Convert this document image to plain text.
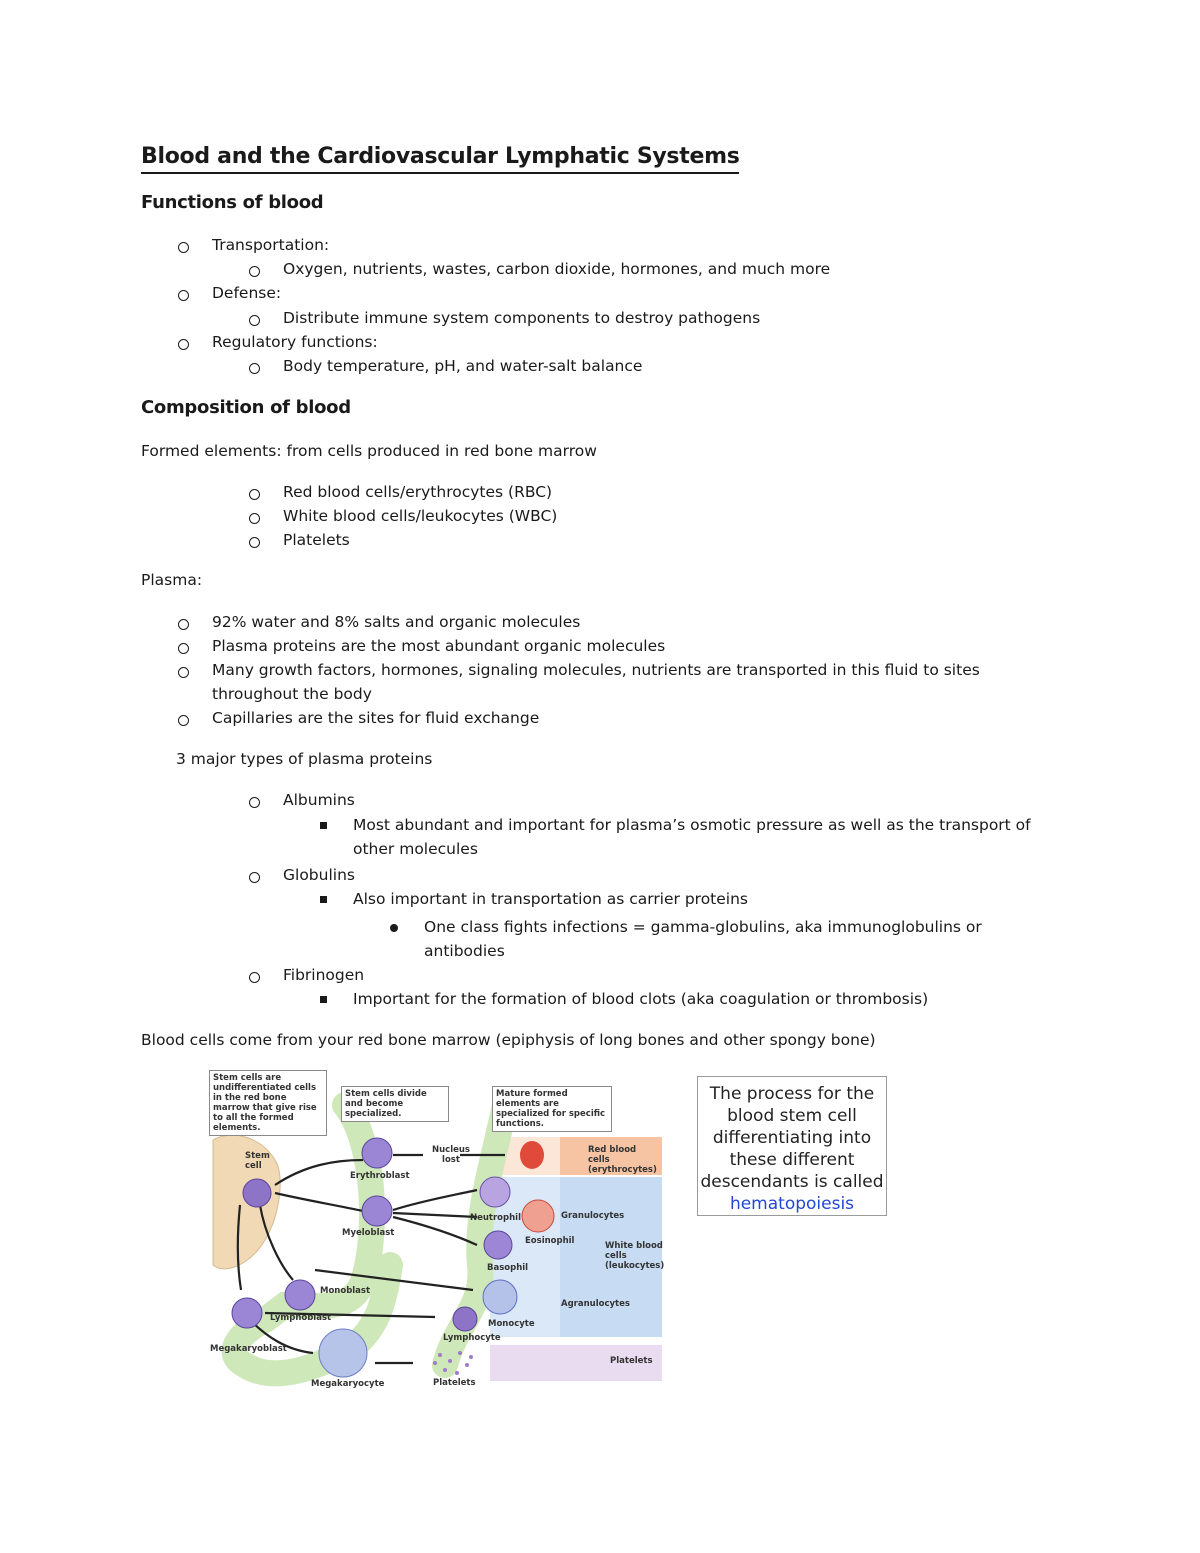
Blood and the Cardiovascular Lymphatic Systems
Functions of blood
Transportation:
Oxygen, nutrients, wastes, carbon dioxide, hormones, and much more
Defense:
Distribute immune system components to destroy pathogens
Regulatory functions:
Body temperature, pH, and water-salt balance
Composition of blood
Formed elements: from cells produced in red bone marrow
Red blood cells/erythrocytes (RBC)
White blood cells/leukocytes (WBC)
Platelets
Plasma:
92% water and 8% salts and organic molecules
Plasma proteins are the most abundant organic molecules
Many growth factors, hormones, signaling molecules, nutrients are transported in this fluid to sites throughout the body
Capillaries are the sites for fluid exchange
3 major types of plasma proteins
Albumins
Most abundant and important for plasma’s osmotic pressure as well as the transport of other molecules
Globulins
Also important in transportation as carrier proteins
One class fights infections = gamma-globulins, aka immunoglobulins or antibodies
Fibrinogen
Important for the formation of blood clots (aka coagulation or thrombosis)
Blood cells come from your red bone marrow (epiphysis of long bones and other spongy bone)
Stem cells are undifferentiated cells in the red bone marrow that give rise to all the formed elements.
Stem cells divide and become specialized.
Mature formed elements are specialized for specific functions.
Stem cell
Erythroblast
Nucleus lost
Myeloblast
Monoblast
Lymphoblast
Megakaryoblast
Megakaryocyte
Neutrophil
Eosinophil
Basophil
Monocyte
Lymphocyte
Platelets
Red blood cells (erythrocytes)
Granulocytes
White blood cells (leukocytes)
Agranulocytes
Platelets
The process for the blood stem cell differentiating into these different descendants is called
hematopoiesis
